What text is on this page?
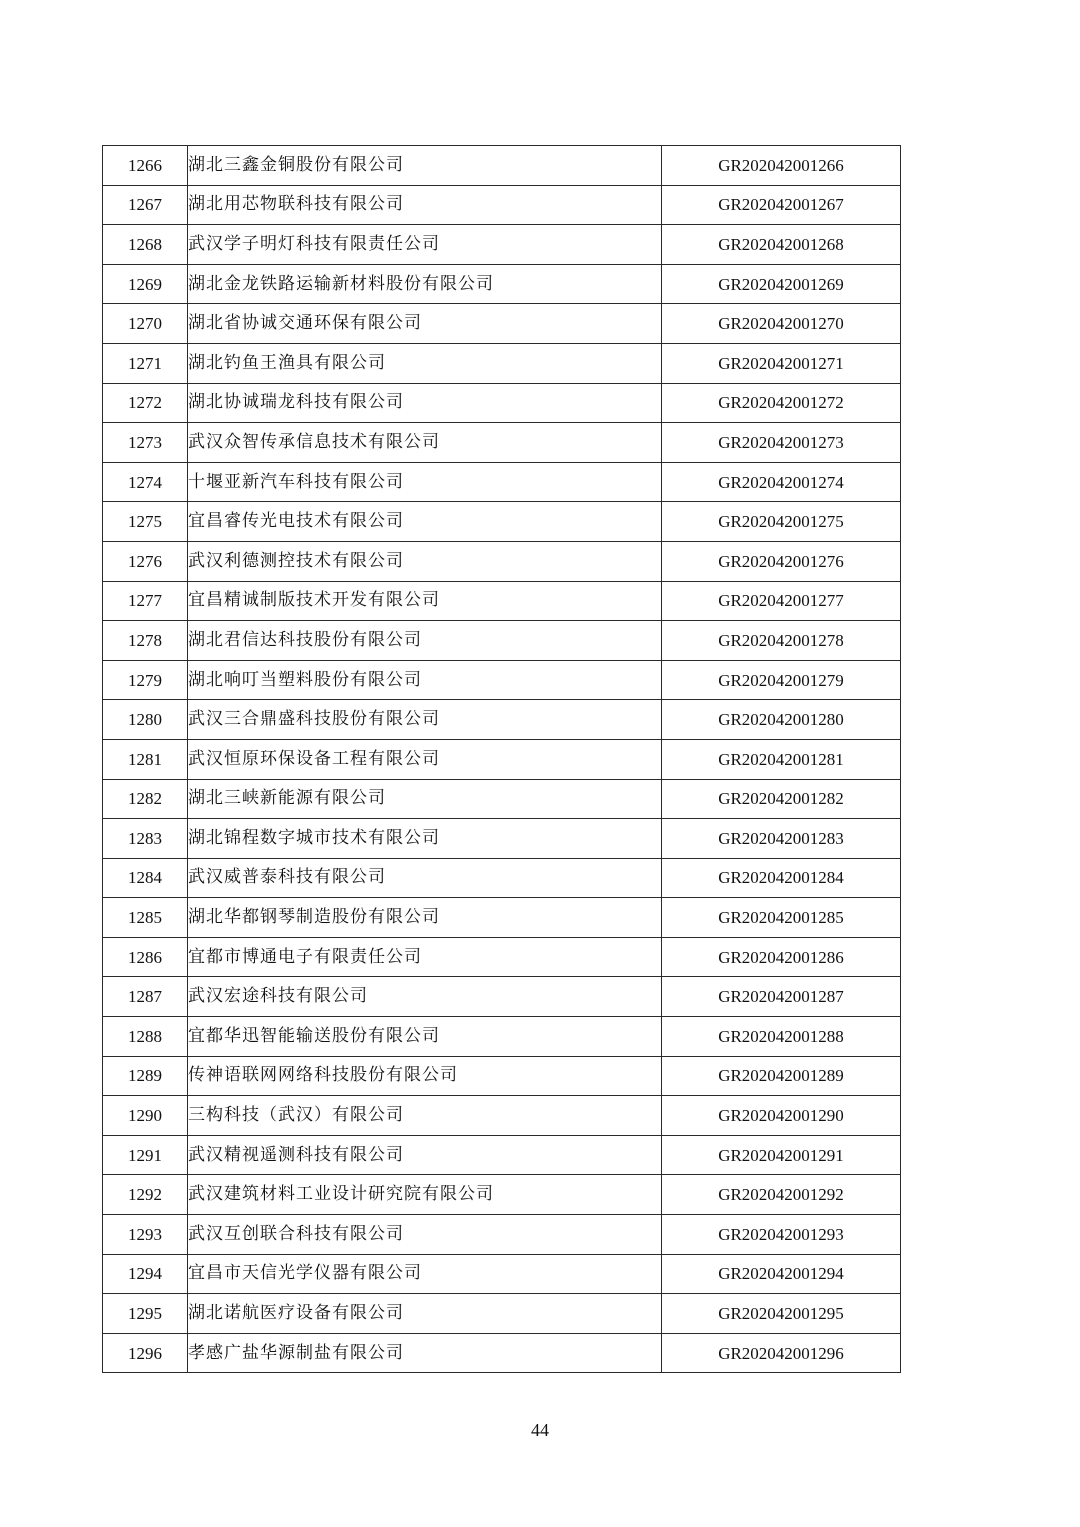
1266	湖北三鑫金铜股份有限公司	GR202042001266
1267	湖北用芯物联科技有限公司	GR202042001267
1268	武汉学子明灯科技有限责任公司	GR202042001268
1269	湖北金龙铁路运输新材料股份有限公司	GR202042001269
1270	湖北省协诚交通环保有限公司	GR202042001270
1271	湖北钓鱼王渔具有限公司	GR202042001271
1272	湖北协诚瑞龙科技有限公司	GR202042001272
1273	武汉众智传承信息技术有限公司	GR202042001273
1274	十堰亚新汽车科技有限公司	GR202042001274
1275	宜昌睿传光电技术有限公司	GR202042001275
1276	武汉利德测控技术有限公司	GR202042001276
1277	宜昌精诚制版技术开发有限公司	GR202042001277
1278	湖北君信达科技股份有限公司	GR202042001278
1279	湖北响叮当塑料股份有限公司	GR202042001279
1280	武汉三合鼎盛科技股份有限公司	GR202042001280
1281	武汉恒原环保设备工程有限公司	GR202042001281
1282	湖北三峡新能源有限公司	GR202042001282
1283	湖北锦程数字城市技术有限公司	GR202042001283
1284	武汉威普泰科技有限公司	GR202042001284
1285	湖北华都钢琴制造股份有限公司	GR202042001285
1286	宜都市博通电子有限责任公司	GR202042001286
1287	武汉宏途科技有限公司	GR202042001287
1288	宜都华迅智能输送股份有限公司	GR202042001288
1289	传神语联网网络科技股份有限公司	GR202042001289
1290	三构科技（武汉）有限公司	GR202042001290
1291	武汉精视遥测科技有限公司	GR202042001291
1292	武汉建筑材料工业设计研究院有限公司	GR202042001292
1293	武汉互创联合科技有限公司	GR202042001293
1294	宜昌市天信光学仪器有限公司	GR202042001294
1295	湖北诺航医疗设备有限公司	GR202042001295
1296	孝感广盐华源制盐有限公司	GR202042001296
44
